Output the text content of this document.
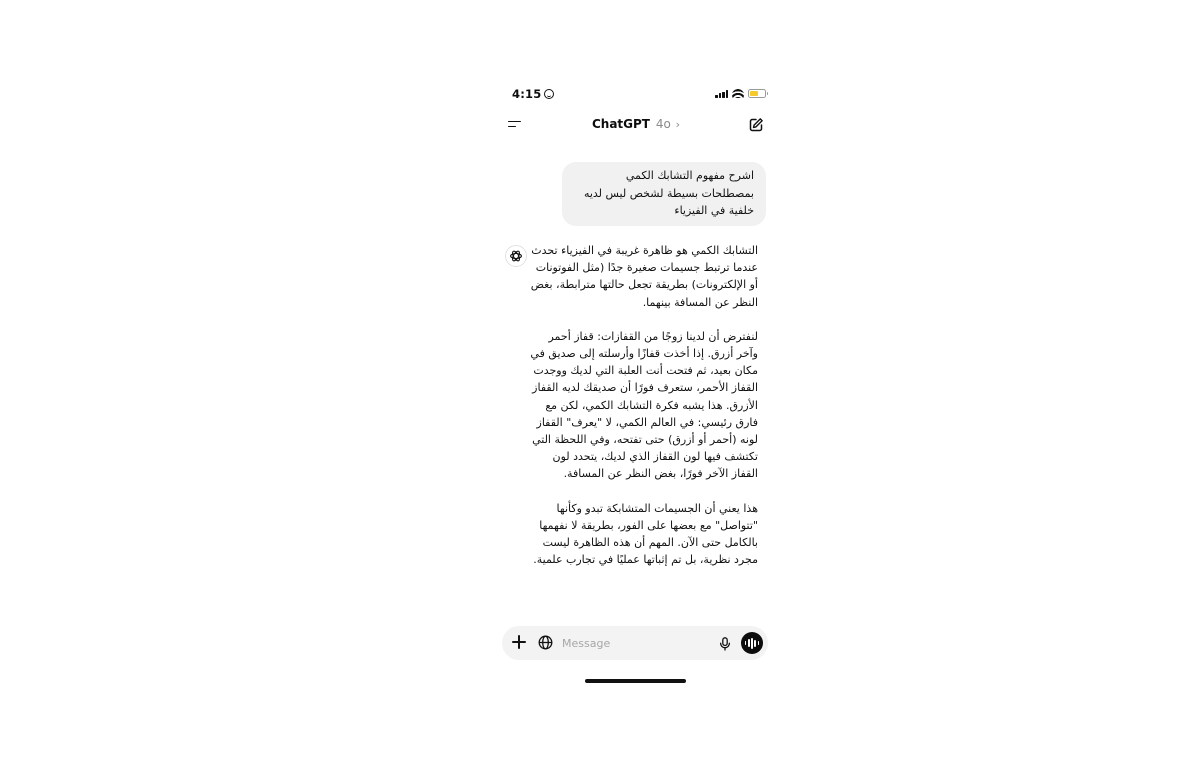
4:15
ChatGPT 4o ›
اشرح مفهوم التشابك الكمي بمصطلحات بسيطة لشخص ليس لديه خلفية في الفيزياء

التشابك الكمي هو ظاهرة غريبة في الفيزياء تحدث عندما ترتبط جسيمات صغيرة جدًا (مثل الفوتونات أو الإلكترونات) بطريقة تجعل حالتها مترابطة، بغض النظر عن المسافة بينهما.

لنفترض أن لدينا زوجًا من القفازات: قفاز أحمر وآخر أزرق. إذا أخذت قفازًا وأرسلته إلى صديق في مكان بعيد، ثم فتحت أنت العلبة التي لديك ووجدت القفاز الأحمر، ستعرف فورًا أن صديقك لديه القفاز الأزرق. هذا يشبه فكرة التشابك الكمي، لكن مع فارق رئيسي: في العالم الكمي، لا "يعرف" القفاز لونه (أحمر أو أزرق) حتى تفتحه، وفي اللحظة التي تكتشف فيها لون القفاز الذي لديك، يتحدد لون القفاز الآخر فورًا، بغض النظر عن المسافة.

هذا يعني أن الجسيمات المتشابكة تبدو وكأنها "تتواصل" مع بعضها على الفور، بطريقة لا نفهمها بالكامل حتى الآن. المهم أن هذه الظاهرة ليست مجرد نظرية، بل تم إثباتها عمليًا في تجارب علمية.

Message
